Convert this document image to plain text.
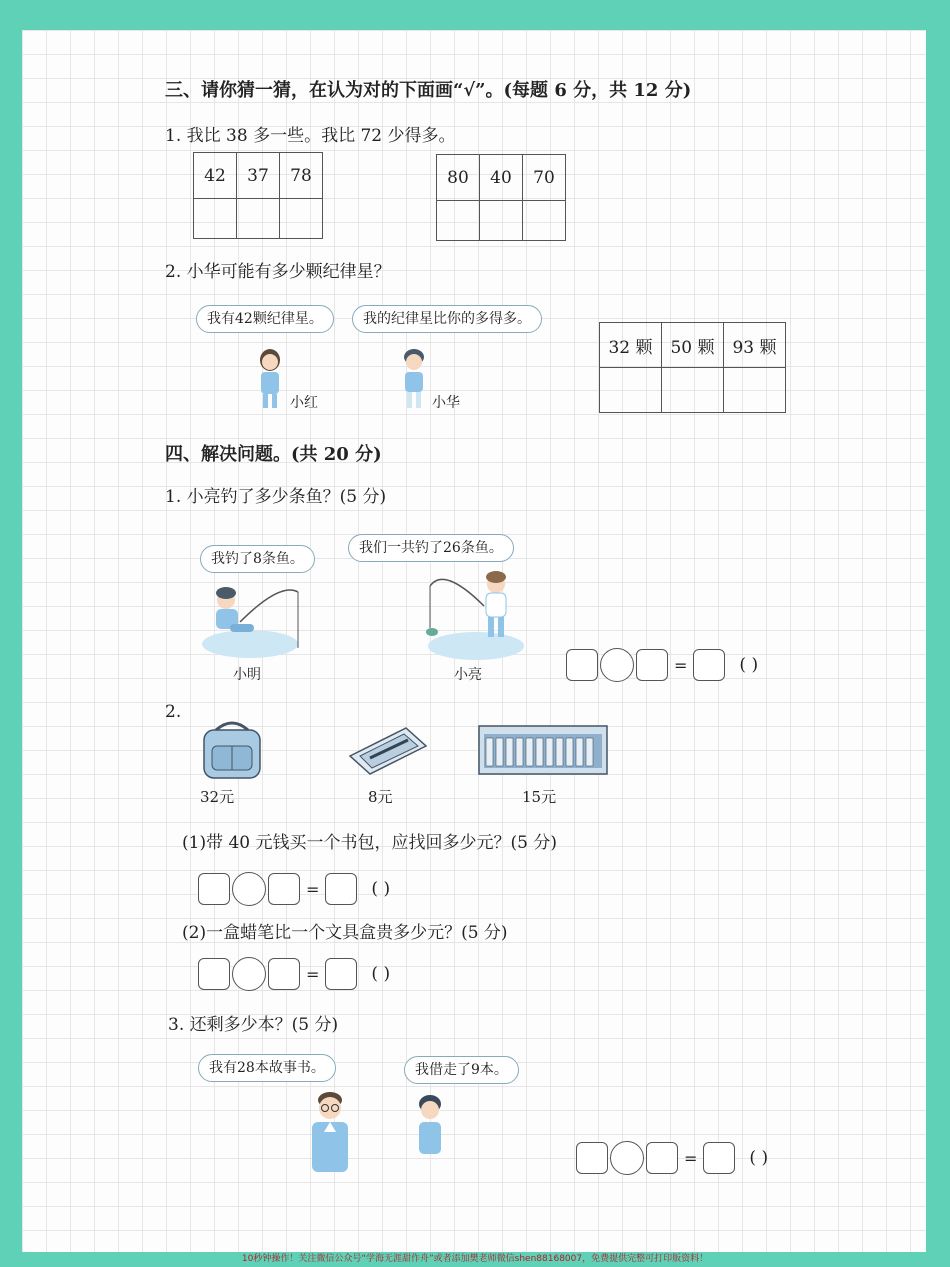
三、请你猜一猜，在认为对的下面画“√”。(每题 6 分，共 12 分)
1. 我比 38 多一些。我比 72 少得多。
42	37	78
			80	40	70

2. 小华可能有多少颗纪律星？
我有42颗纪律星。	我的纪律星比你的多得多。
小红	小华
32 颗	50 颗	93 颗

四、解决问题。(共 20 分)
1. 小亮钓了多少条鱼？(5 分)
我钓了8条鱼。
我们一共钓了26条鱼。
小明	小亮
=	( )
2.
32元	8元	15元
(1)带 40 元钱买一个书包，应找回多少元？(5 分)
=	( )
(2)一盒蜡笔比一个文具盒贵多少元？(5 分)
=	( )
3. 还剩多少本？(5 分)
我有28本故事书。	我借走了9本。
=	( )
10秒钟操作！关注微信公众号“学海无涯甜作舟”或者添加樊老师微信shen88168007，免费提供完整可打印版资料！
